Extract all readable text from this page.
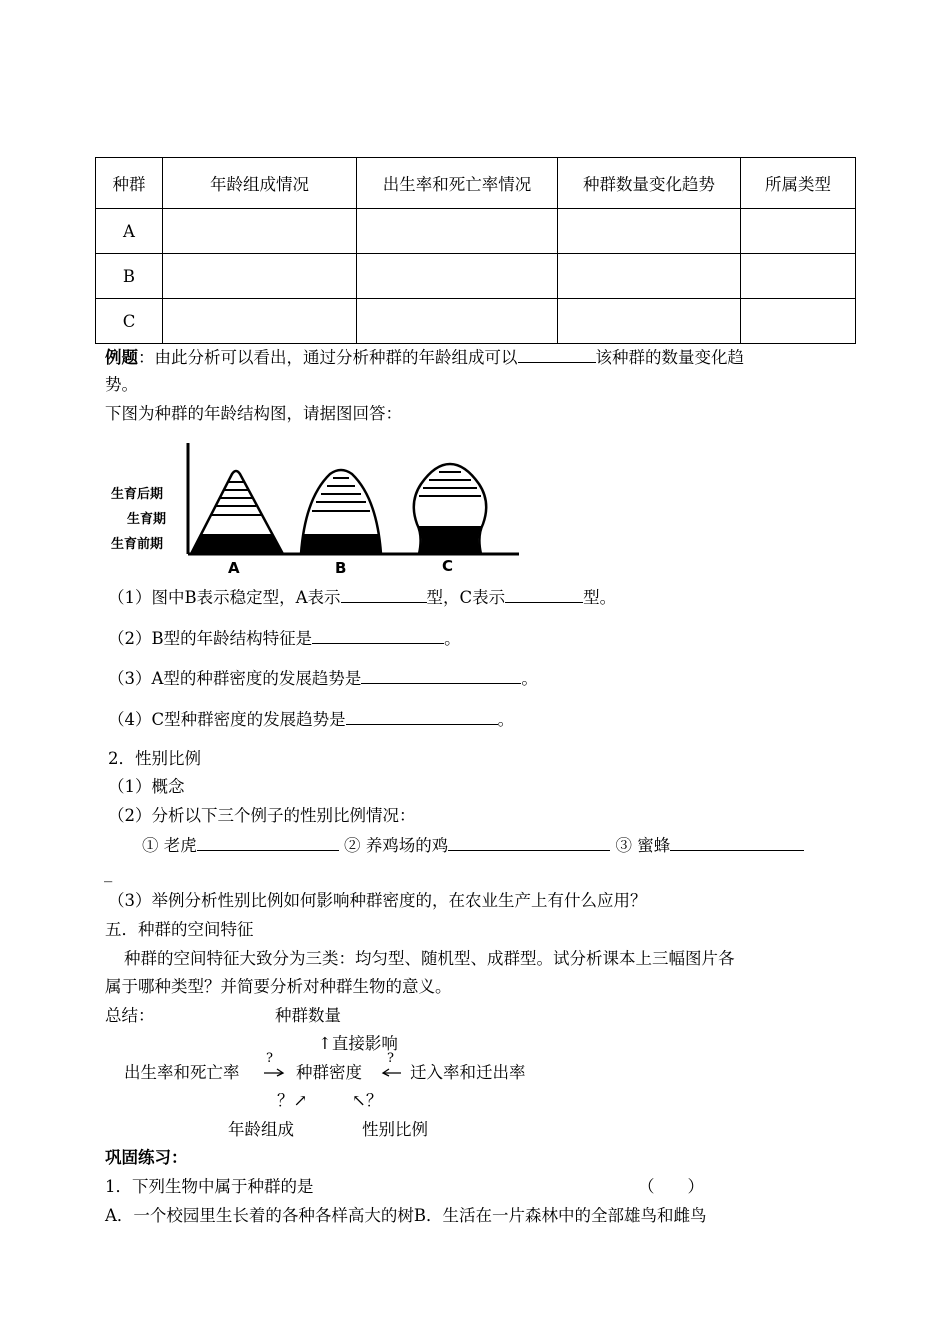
种群	年龄组成情况	出生率和死亡率情况	种群数量变化趋势	所属类型
A				
B				
C				
例题：由此分析可以看出，通过分析种群的年龄组成可以	该种群的数量变化趋
势。
下图为种群的年龄结构图，请据图回答：
生育后期
生育期
生育前期
A	B	C
（1）图中B表示稳定型，A表示	型，C表示	型。
（2）B型的年龄结构特征是	。
（3）A型的种群密度的发展趋势是	。
（4）C型种群密度的发展趋势是	。
2．性别比例
（1）概念
（2）分析以下三个例子的性别比例情况：
① 老虎	② 养鸡场的鸡	③ 蜜蜂
_
（3）举例分析性别比例如何影响种群密度的，在农业生产上有什么应用？
五．种群的空间特征
种群的空间特征大致分为三类：均匀型、随机型、成群型。试分析课本上三幅图片各
属于哪种类型？并简要分析对种群生物的意义。
总结：	种群数量
↑直接影响
出生率和死亡率
?
种群密度
?
迁入率和迁出率
？↗	↖？
年龄组成	性别比例
巩固练习：
1．下列生物中属于种群的是	（　　）
A．一个校园里生长着的各种各样高大的树B．生活在一片森林中的全部雄鸟和雌鸟
